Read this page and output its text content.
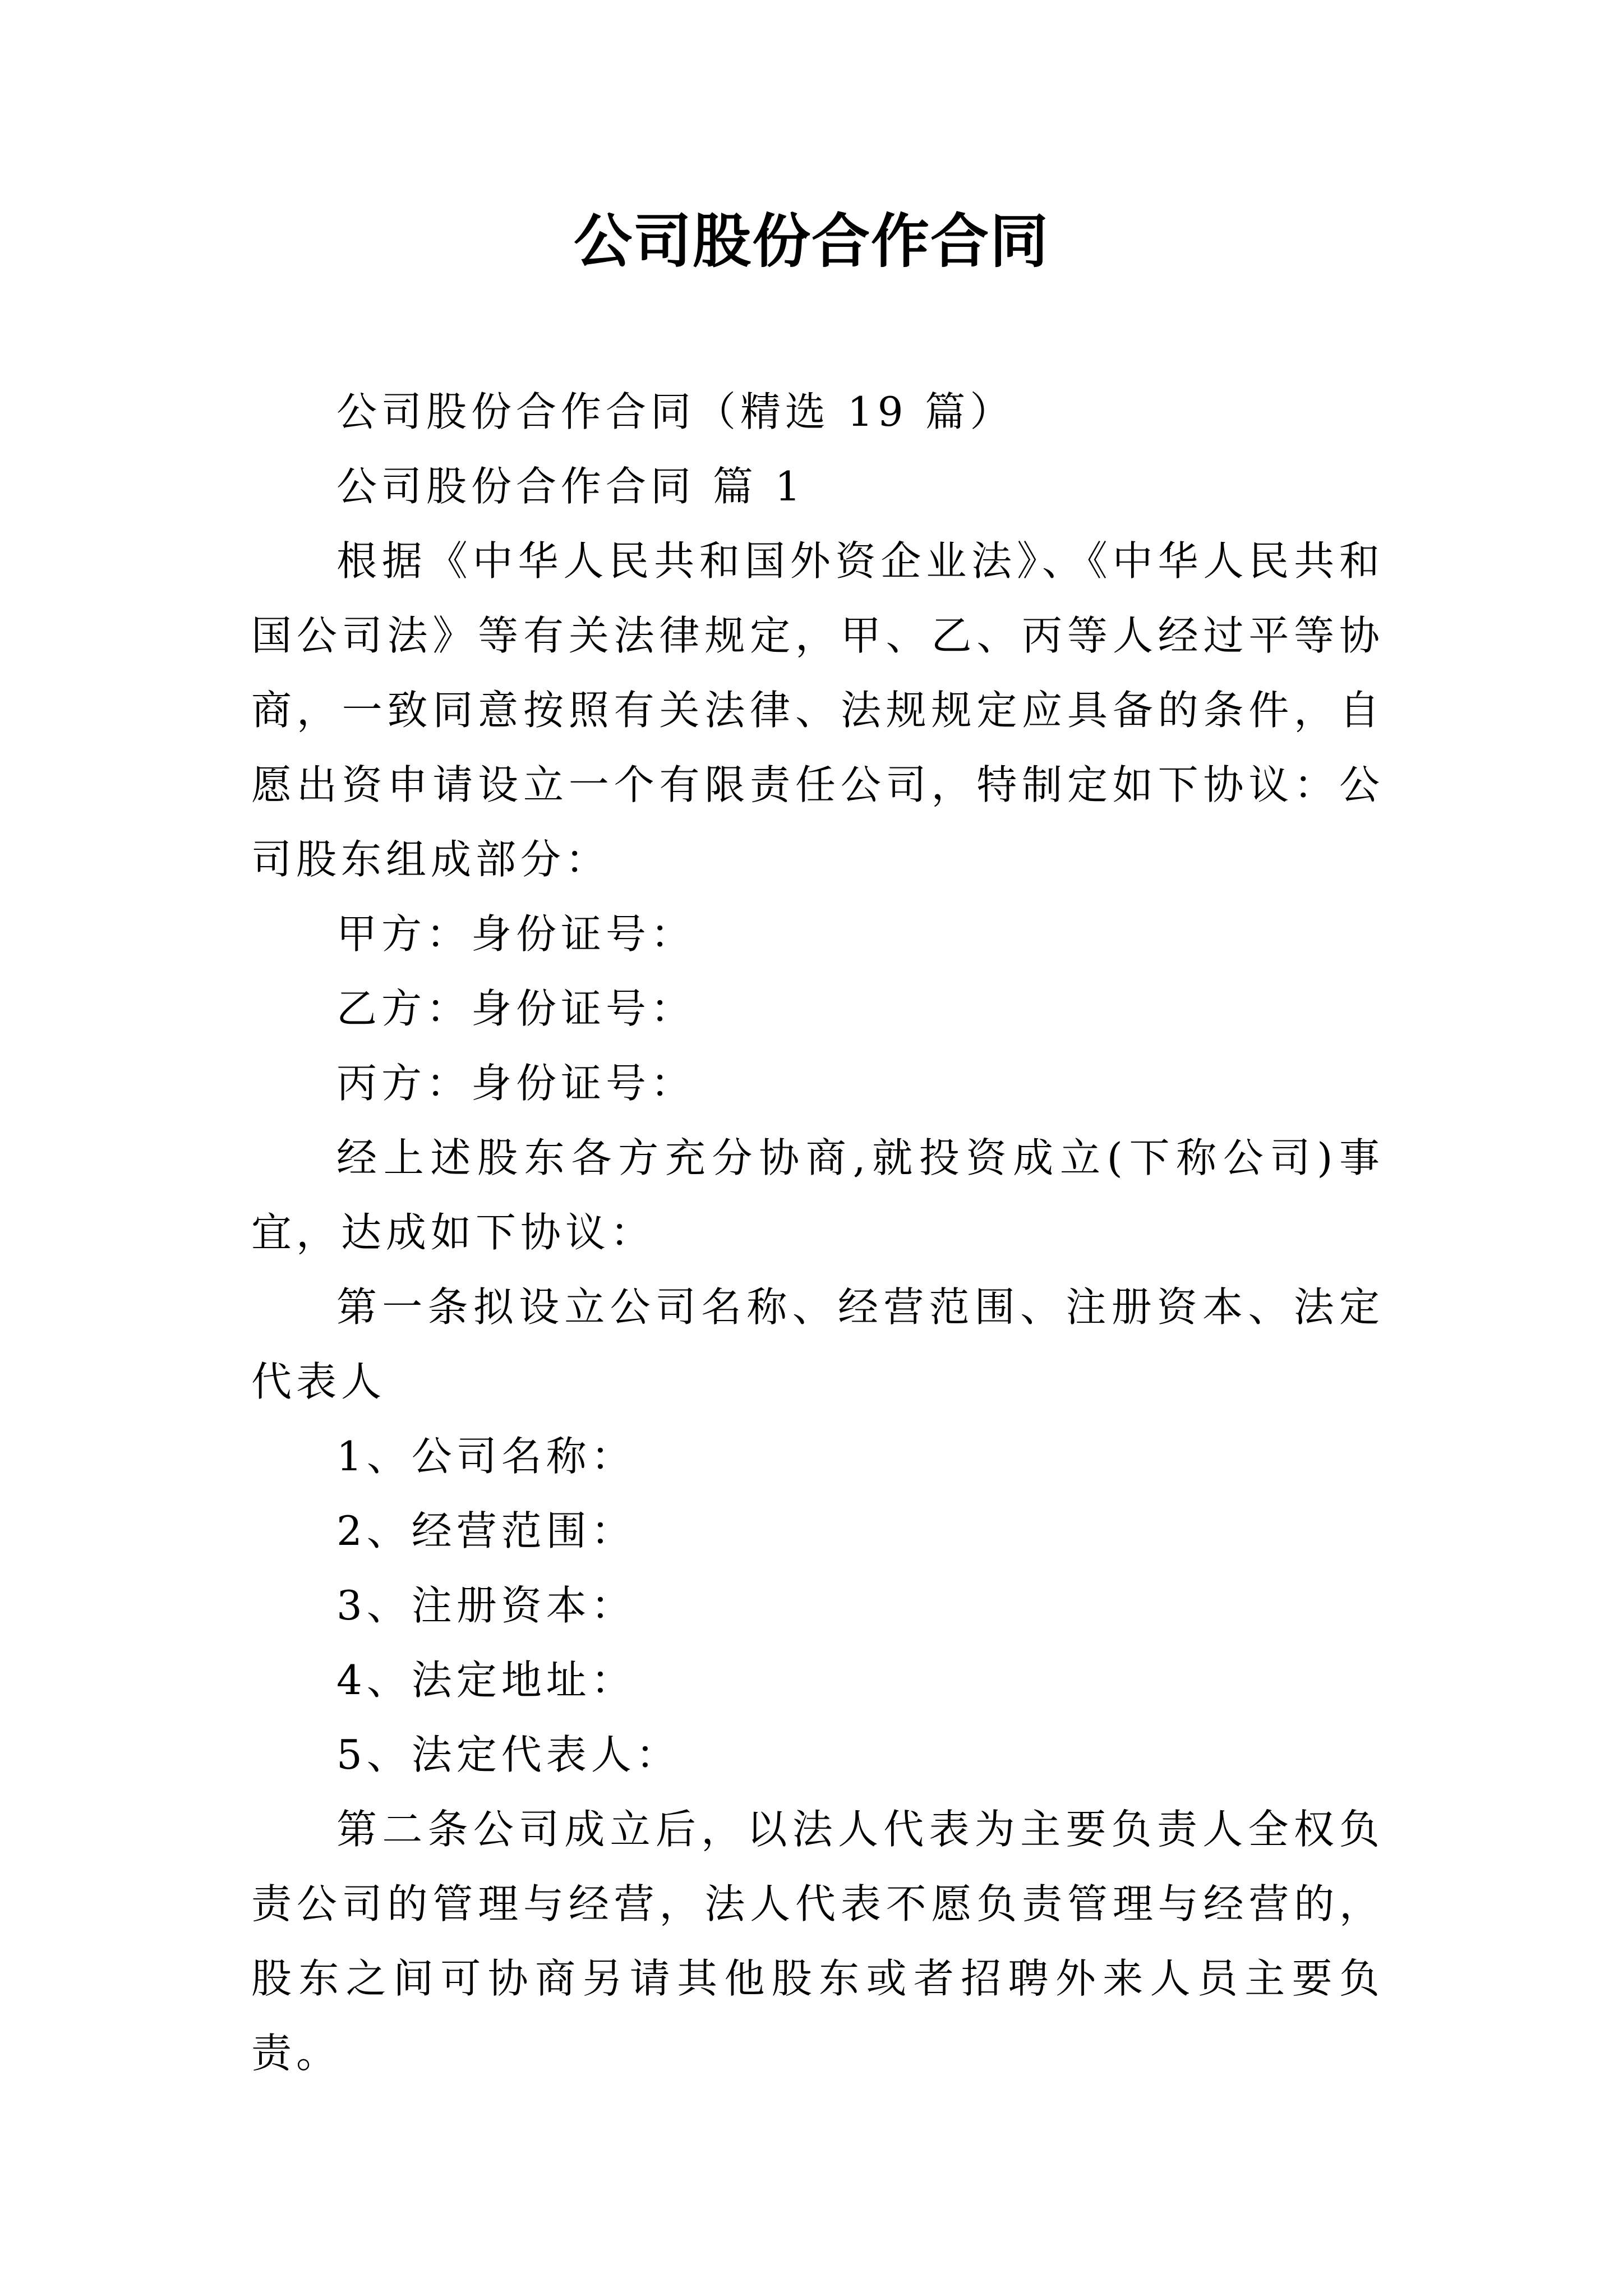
公司股份合作合同

公司股份合作合同（精选 19 篇）

公司股份合作合同 篇 1

根据《中华人民共和国外资企业法》、《中华人民共和国公司法》等有关法律规定，甲、乙、丙等人经过平等协商，一致同意按照有关法律、法规规定应具备的条件，自愿出资申请设立一个有限责任公司，特制定如下协议：公司股东组成部分：

甲方：身份证号：

乙方：身份证号：

丙方：身份证号：

经上述股东各方充分协商,就投资成立(下称公司)事宜，达成如下协议：

第一条拟设立公司名称、经营范围、注册资本、法定代表人

1、公司名称：

2、经营范围：

3、注册资本：

4、法定地址：

5、法定代表人：

第二条公司成立后，以法人代表为主要负责人全权负责公司的管理与经营，法人代表不愿负责管理与经营的，股东之间可协商另请其他股东或者招聘外来人员主要负责。
